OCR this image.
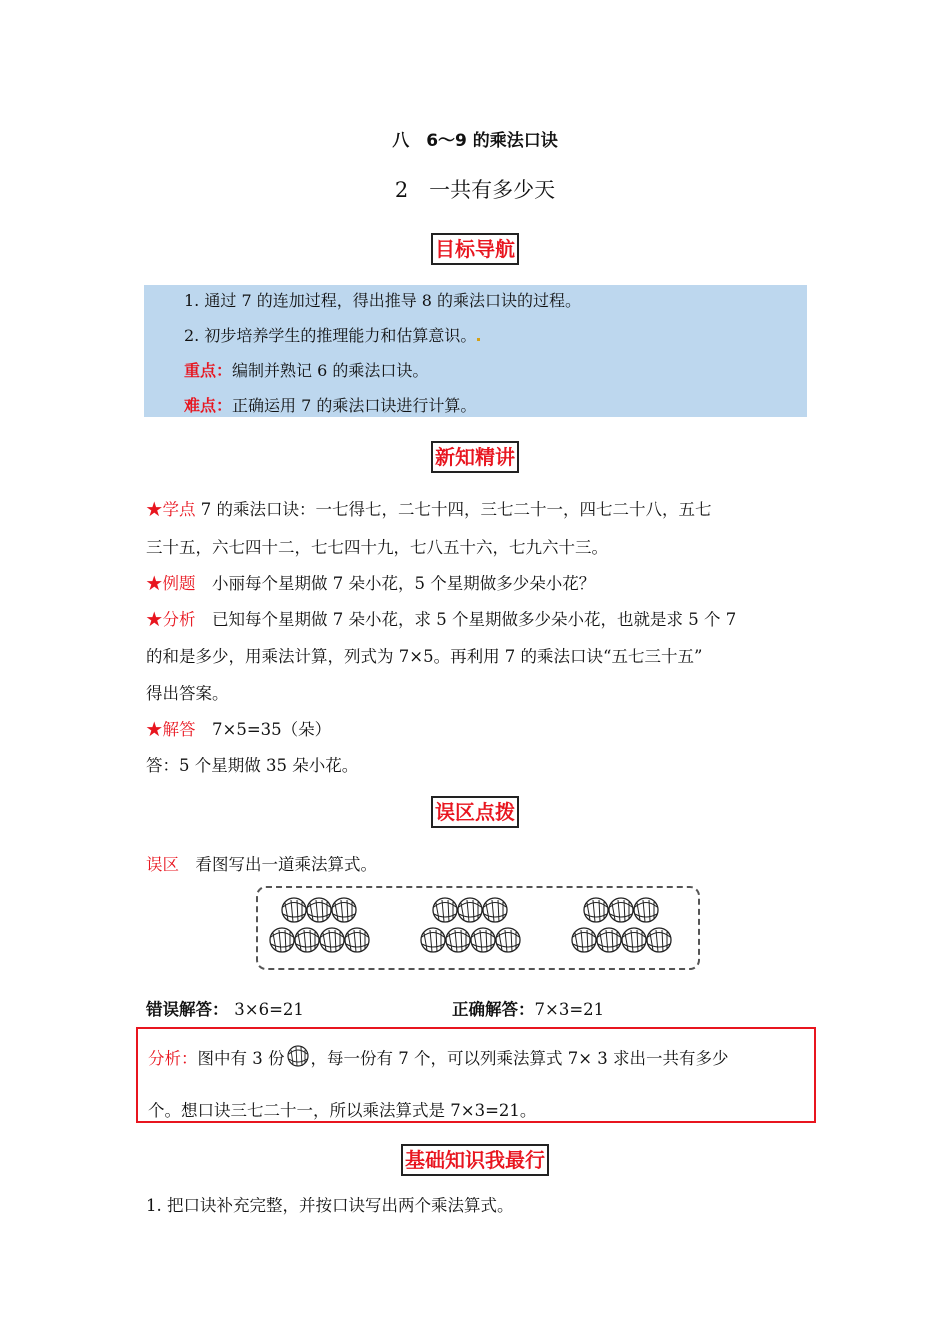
八　6～9 的乘法口诀
2　一共有多少天
目标导航
1. 通过 7 的连加过程，得出推导 8 的乘法口诀的过程。
2. 初步培养学生的推理能力和估算意识。
重点：编制并熟记 6 的乘法口诀。
难点：正确运用 7 的乘法口诀进行计算。
新知精讲
★学点 7 的乘法口诀：一七得七，二七十四，三七二十一，四七二十八，五七
三十五，六七四十二，七七四十九，七八五十六，七九六十三。
★例题　 小丽每个星期做 7 朵小花，5 个星期做多少朵小花？
★分析　 已知每个星期做 7 朵小花，求 5 个星期做多少朵小花，也就是求 5 个 7
的和是多少，用乘法计算，列式为 7×5。再利用 7 的乘法口诀“五七三十五”
得出答案。
★解答　 7×5=35（朵）
答：5 个星期做 35 朵小花。
误区点拨
误区　 看图写出一道乘法算式。
错误解答： 3×6=21	正确解答：7×3=21
分析：图中有 3 份 ，每一份有 7 个，可以列乘法算式 7× 3 求出一共有多少
个。想口诀三七二十一，所以乘法算式是 7×3=21。
基础知识我最行
1. 把口诀补充完整，并按口诀写出两个乘法算式。
